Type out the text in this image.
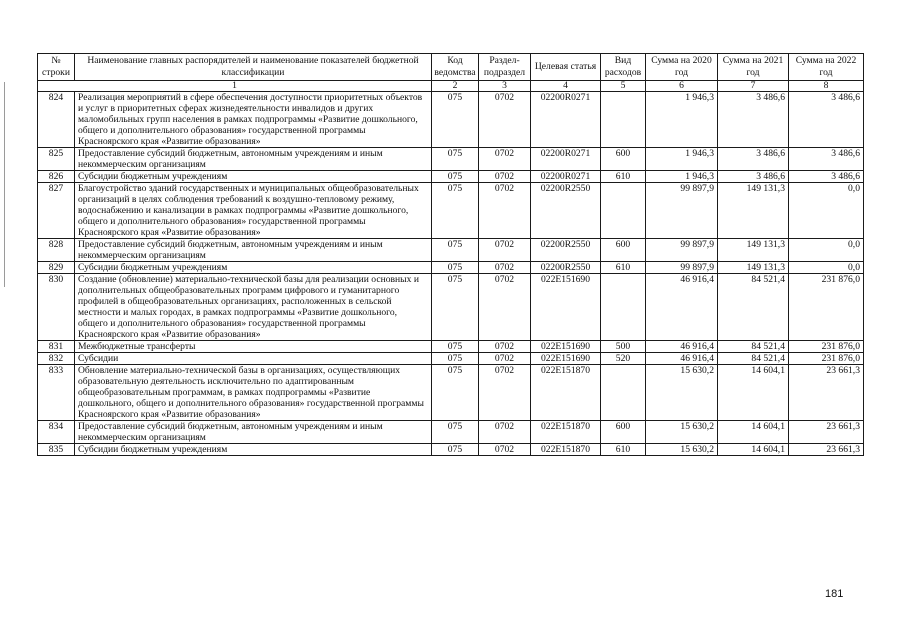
№ строки	Наименование главных распорядителей и наименование показателей бюджетной классификации	Код ведомства	Раздел-подраздел	Целевая статья	Вид расходов	Сумма на 2020 год	Сумма на 2021 год	Сумма на 2022 год
1		2	3	4	5	6	7	8
824	Реализация мероприятий в сфере обеспечения доступности приоритетных объектов и услуг в приоритетных сферах жизнедеятельности инвалидов и других маломобильных групп населения в рамках подпрограммы «Развитие дошкольного, общего и дополнительного образования» государственной программы Красноярского края «Развитие образования»	075	0702	02200R0271		1 946,3	3 486,6	3 486,6
825	Предоставление субсидий бюджетным, автономным учреждениям и иным некоммерческим организациям	075	0702	02200R0271	600	1 946,3	3 486,6	3 486,6
826	Субсидии бюджетным учреждениям	075	0702	02200R0271	610	1 946,3	3 486,6	3 486,6
827	Благоустройство зданий государственных и муниципальных общеобразовательных организаций в целях соблюдения требований к воздушно-тепловому режиму, водоснабжению и канализации в рамках подпрограммы «Развитие дошкольного, общего и дополнительного образования» государственной программы Красноярского края «Развитие образования»	075	0702	02200R2550		99 897,9	149 131,3	0,0
828	Предоставление субсидий бюджетным, автономным учреждениям и иным некоммерческим организациям	075	0702	02200R2550	600	99 897,9	149 131,3	0,0
829	Субсидии бюджетным учреждениям	075	0702	02200R2550	610	99 897,9	149 131,3	0,0
830	Создание (обновление) материально-технической базы для реализации основных и дополнительных общеобразовательных программ цифрового и гуманитарного профилей в общеобразовательных организациях, расположенных в сельской местности и малых городах, в рамках подпрограммы «Развитие дошкольного, общего и дополнительного образования» государственной программы Красноярского края «Развитие образования»	075	0702	022E151690		46 916,4	84 521,4	231 876,0
831	Межбюджетные трансферты	075	0702	022E151690	500	46 916,4	84 521,4	231 876,0
832	Субсидии	075	0702	022E151690	520	46 916,4	84 521,4	231 876,0
833	Обновление материально-технической базы в организациях, осуществляющих образовательную деятельность исключительно по адаптированным общеобразовательным программам, в рамках подпрограммы «Развитие дошкольного, общего и дополнительного образования» государственной программы Красноярского края «Развитие образования»	075	0702	022E151870		15 630,2	14 604,1	23 661,3
834	Предоставление субсидий бюджетным, автономным учреждениям и иным некоммерческим организациям	075	0702	022E151870	600	15 630,2	14 604,1	23 661,3
835	Субсидии бюджетным учреждениям	075	0702	022E151870	610	15 630,2	14 604,1	23 661,3
181
